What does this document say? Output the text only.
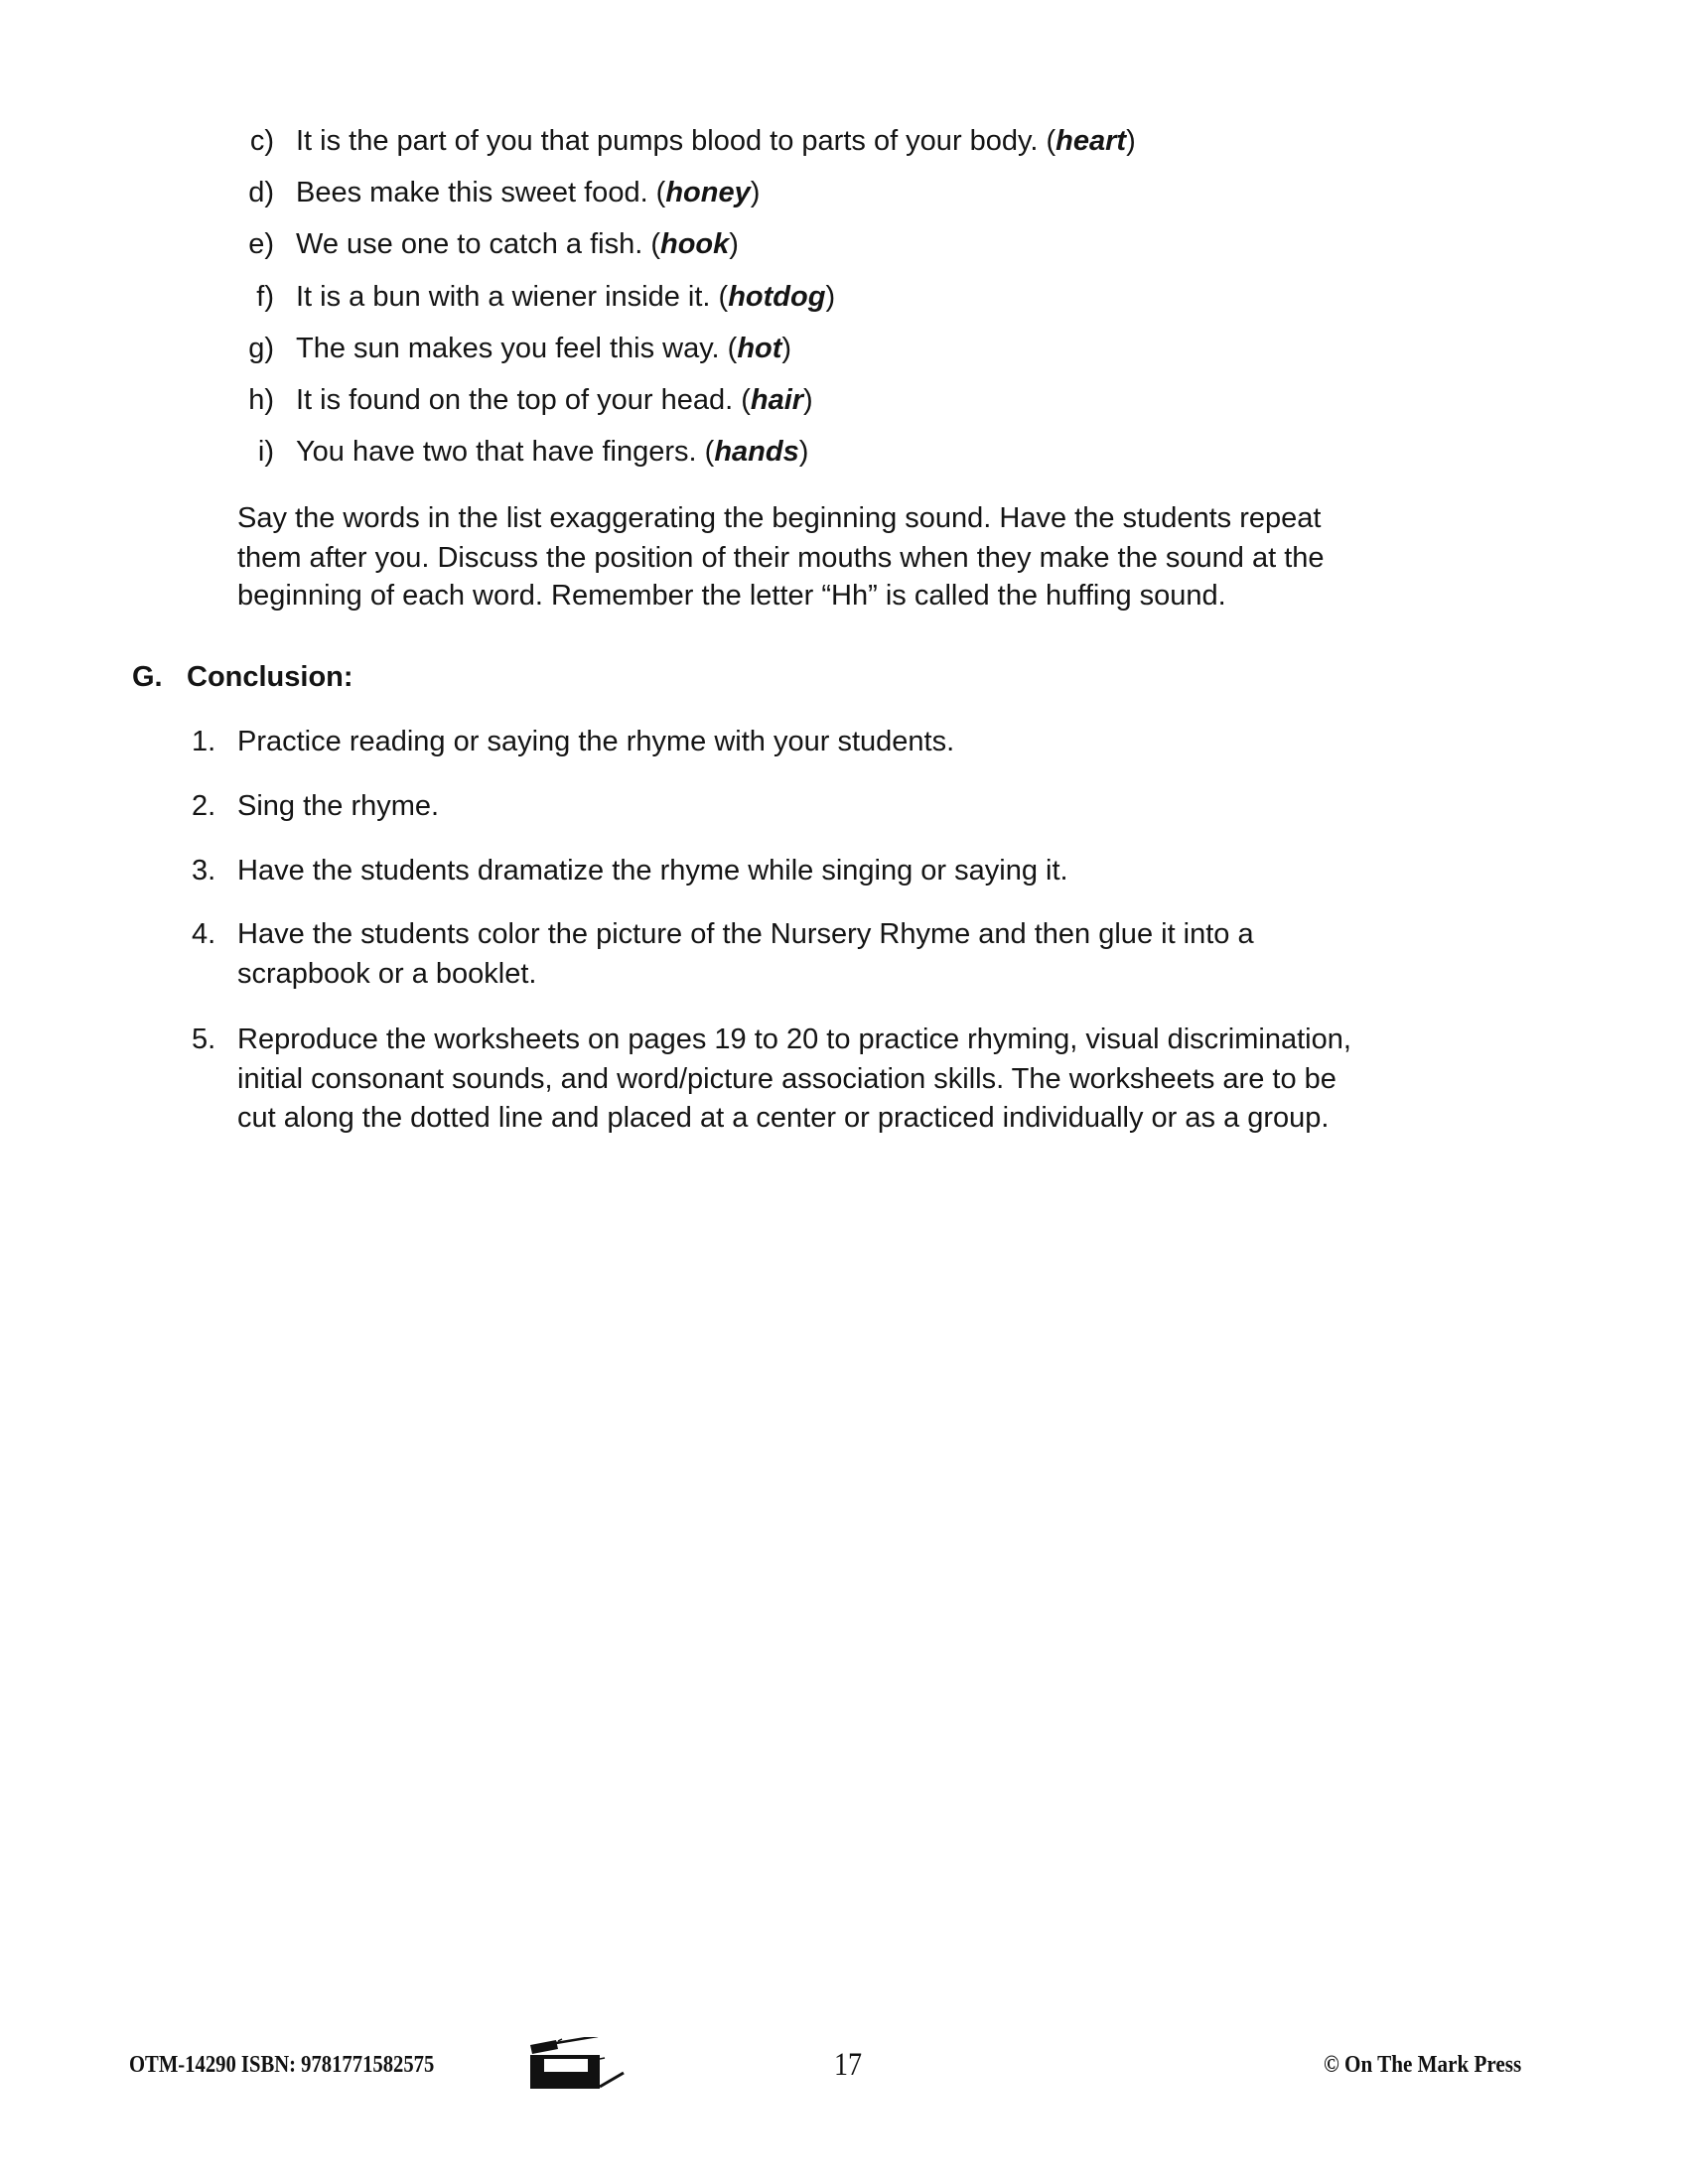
c) It is the part of you that pumps blood to parts of your body. (heart)
d) Bees make this sweet food. (honey)
e) We use one to catch a fish. (hook)
f) It is a bun with a wiener inside it. (hotdog)
g) The sun makes you feel this way. (hot)
h) It is found on the top of your head. (hair)
i) You have two that have fingers. (hands)
Say the words in the list exaggerating the beginning sound. Have the students repeat
them after you. Discuss the position of their mouths when they make the sound at the
beginning of each word. Remember the letter “Hh” is called the huffing sound.
G. Conclusion:
1. Practice reading or saying the rhyme with your students.
2. Sing the rhyme.
3. Have the students dramatize the rhyme while singing or saying it.
4. Have the students color the picture of the Nursery Rhyme and then glue it into a
scrapbook or a booklet.
5. Reproduce the worksheets on pages 19 to 20 to practice rhyming, visual discrimination,
initial consonant sounds, and word/picture association skills. The worksheets are to be
cut along the dotted line and placed at a center or practiced individually or as a group.
OTM-14290 ISBN: 9781771582575	17	© On The Mark Press
